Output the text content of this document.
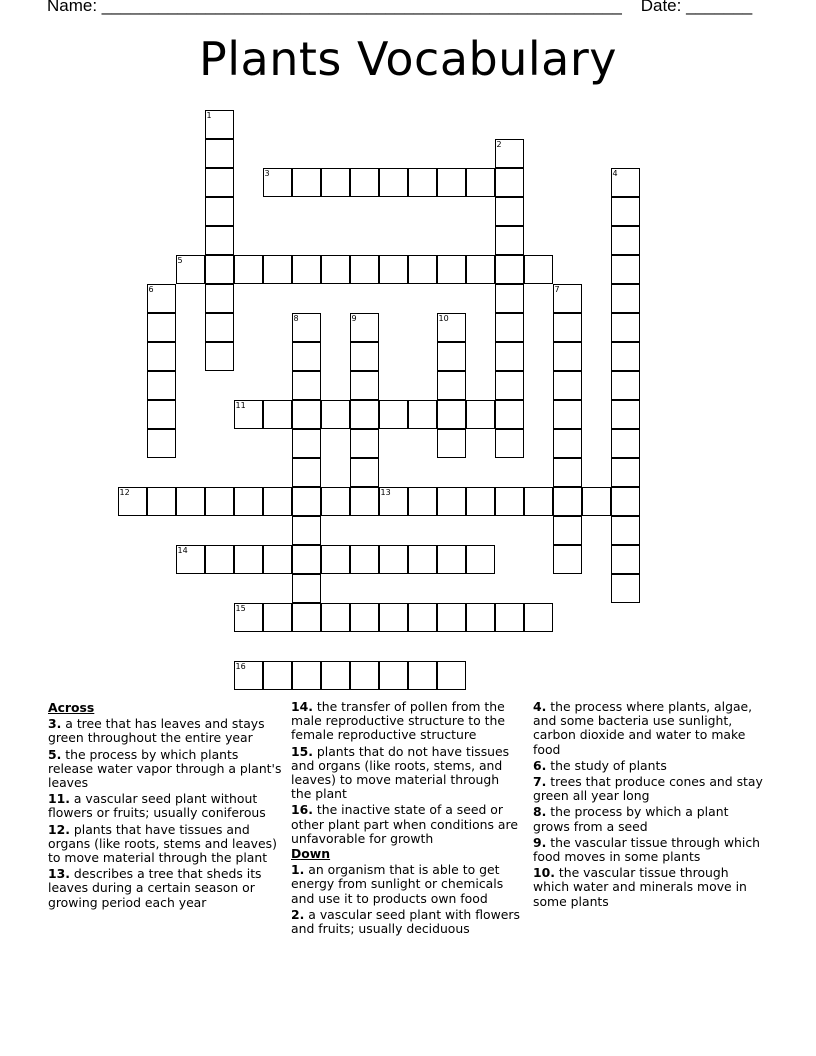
Name: _______________________________________________________ Date: _______
Plants Vocabulary
1
2
3	4
5
6	7
8	9	10
11
12	13
14
15
16
Across
3. a tree that has leaves and stays green throughout the entire year
5. the process by which plants release water vapor through a plant's leaves
11. a vascular seed plant without flowers or fruits; usually coniferous
12. plants that have tissues and organs (like roots, stems and leaves) to move material through the plant
13. describes a tree that sheds its leaves during a certain season or growing period each year
14. the transfer of pollen from the male reproductive structure to the female reproductive structure
15. plants that do not have tissues and organs (like roots, stems, and leaves) to move material through the plant
16. the inactive state of a seed or other plant part when conditions are unfavorable for growth
Down
1. an organism that is able to get energy from sunlight or chemicals and use it to products own food
2. a vascular seed plant with flowers and fruits; usually deciduous
4. the process where plants, algae, and some bacteria use sunlight, carbon dioxide and water to make food
6. the study of plants
7. trees that produce cones and stay green all year long
8. the process by which a plant grows from a seed
9. the vascular tissue through which food moves in some plants
10. the vascular tissue through which water and minerals move in some plants
